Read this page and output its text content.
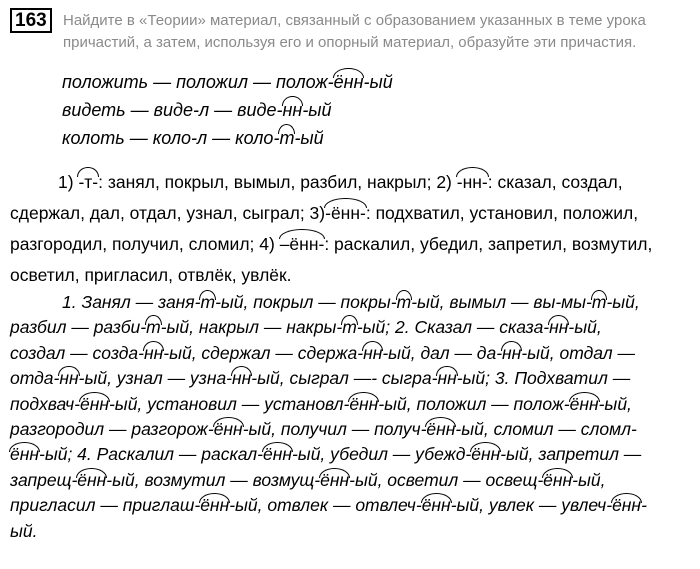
163	Найдите в «Теории» материал, связанный с образованием указанных в теме урока
причастий, а затем, используя его и опорный материал, образуйте эти причастия.

положить — положил — полож-ённ-ый
видеть — виде-л — виде-нн-ый
колоть — коло-л — коло-т-ый
1) -т-: занял, покрыл, вымыл, разбил, накрыл; 2) -нн-: сказал, создал,
сдержал, дал, отдал, узнал, сыграл; 3)-ённ-: подхватил, установил, положил,
разгородил, получил, сломил; 4) –ённ-: раскалил, убедил, запретил, возмутил,
осветил, пригласил, отвлёк, увлёк.
1. Занял — заня-т-ый, покрыл — покры-т-ый, вымыл — вы-мы-т-ый,
разбил — разби-т-ый, накрыл — накры-т-ый; 2. Сказал — сказа-нн-ый,
создал — созда-нн-ый, сдержал — сдержа-нн-ый, дал — да-нн-ый, отдал —
отда-нн-ый, узнал — узна-нн-ый, сыграл —- сыгра-нн-ый; 3. Подхватил —
подхвач-ённ-ый, установил — установл-ённ-ый, положил — полож-ённ-ый,
разгородил — разгорож-ённ-ый, получил — получ-ённ-ый, сломил — сломл-
ённ-ый; 4. Раскалил — раскал-ённ-ый, убедил — убежд-ённ-ый, запретил —
запрещ-ённ-ый, возмутил — возмущ-ённ-ый, осветил — освещ-ённ-ый,
пригласил — приглаш-ённ-ый, отвлек — отвлеч-ённ-ый, увлек — увлеч-ённ-
ый.
